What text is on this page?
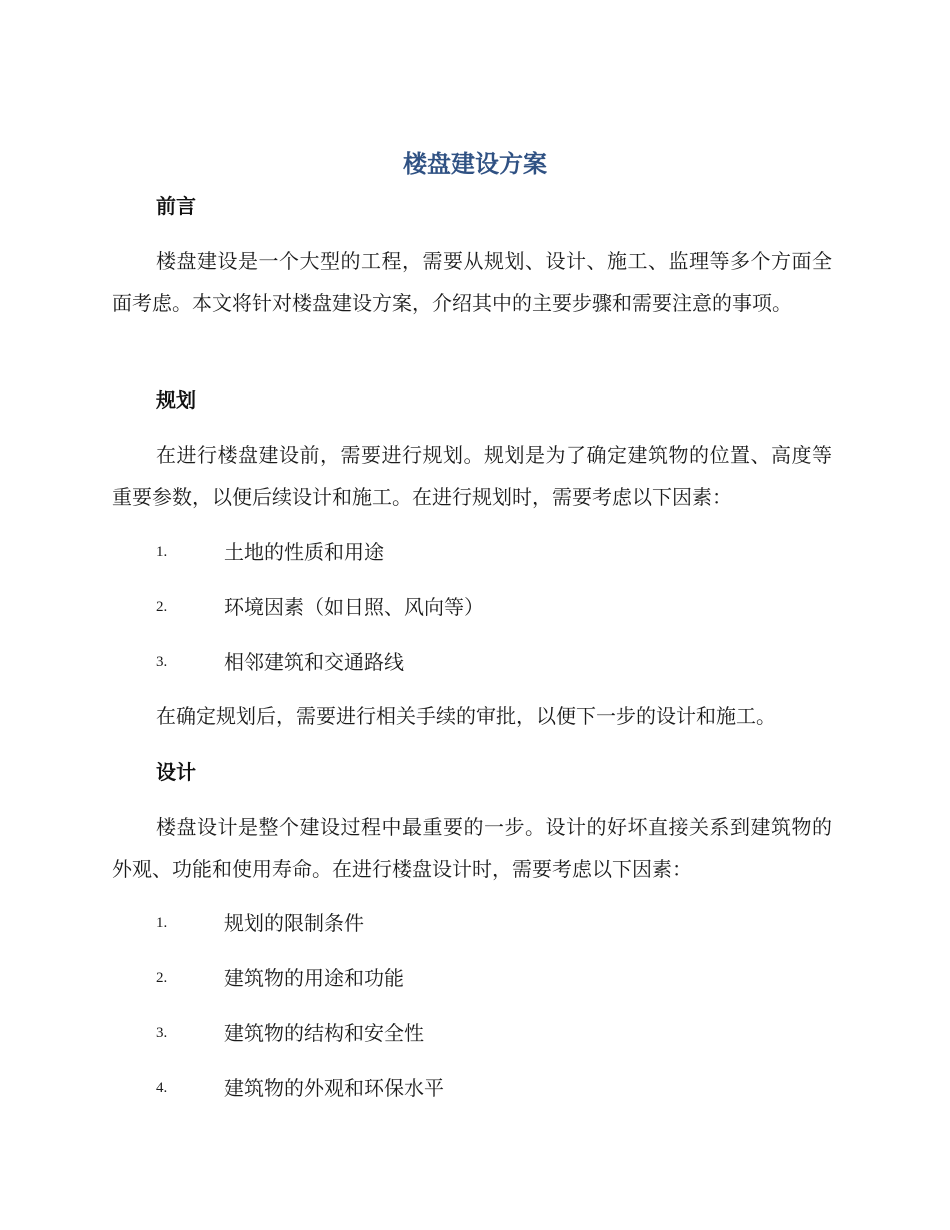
楼盘建设方案
前言

楼盘建设是一个大型的工程，需要从规划、设计、施工、监理等多个方面全面考虑。本文将针对楼盘建设方案，介绍其中的主要步骤和需要注意的事项。

规划

在进行楼盘建设前，需要进行规划。规划是为了确定建筑物的位置、高度等重要参数，以便后续设计和施工。在进行规划时，需要考虑以下因素：

1.	土地的性质和用途
2.	环境因素（如日照、风向等）
3.	相邻建筑和交通路线

在确定规划后，需要进行相关手续的审批，以便下一步的设计和施工。

设计

楼盘设计是整个建设过程中最重要的一步。设计的好坏直接关系到建筑物的外观、功能和使用寿命。在进行楼盘设计时，需要考虑以下因素：

1.	规划的限制条件
2.	建筑物的用途和功能
3.	建筑物的结构和安全性
4.	建筑物的外观和环保水平
